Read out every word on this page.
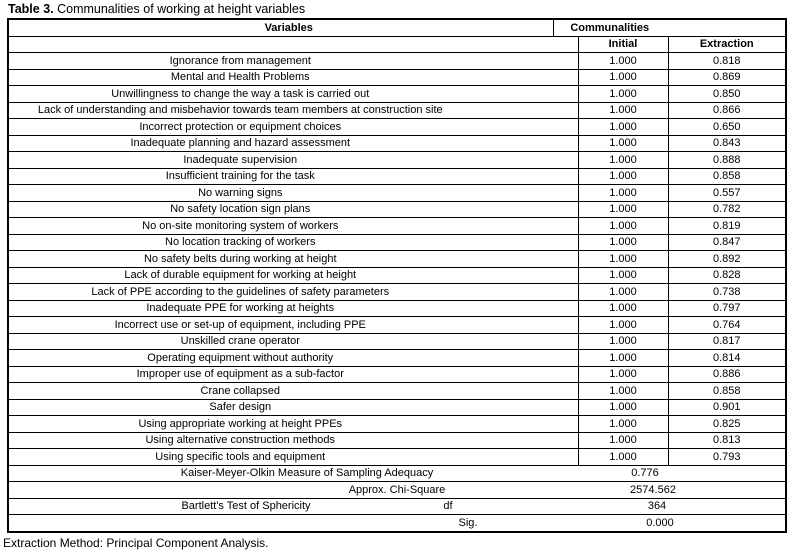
Table 3. Communalities of working at height variables
Variables	Communalities		
		Initial	Extraction
Ignorance from management		1.000	0.818
Mental and Health Problems		1.000	0.869
Unwillingness to change the way a task is carried out		1.000	0.850
Lack of understanding and misbehavior towards team members at construction site		1.000	0.866
Incorrect protection or equipment choices		1.000	0.650
Inadequate planning and hazard assessment		1.000	0.843
Inadequate supervision		1.000	0.888
Insufficient training for the task		1.000	0.858
No warning signs		1.000	0.557
No safety location sign plans		1.000	0.782
No on-site monitoring system of workers		1.000	0.819
No location tracking of workers		1.000	0.847
No safety belts during working at height		1.000	0.892
Lack of durable equipment for working at height		1.000	0.828
Lack of PPE according to the guidelines of safety parameters		1.000	0.738
Inadequate PPE for working at heights		1.000	0.797
Incorrect use or set-up of equipment, including PPE		1.000	0.764
Unskilled crane operator		1.000	0.817
Operating equipment without authority		1.000	0.814
Improper use of equipment as a sub-factor		1.000	0.886
Crane collapsed		1.000	0.858
Safer design		1.000	0.901
Using appropriate working at height PPEs		1.000	0.825
Using alternative construction methods		1.000	0.813
Using specific tools and equipment		1.000	0.793

Kaiser-Meyer-Olkin Measure of Sampling Adequacy		0.776	

Approx. Chi-Square		2574.562	

Bartlett's Test of Sphericity df		364	

Sig.		0.000	
Extraction Method: Principal Component Analysis.
